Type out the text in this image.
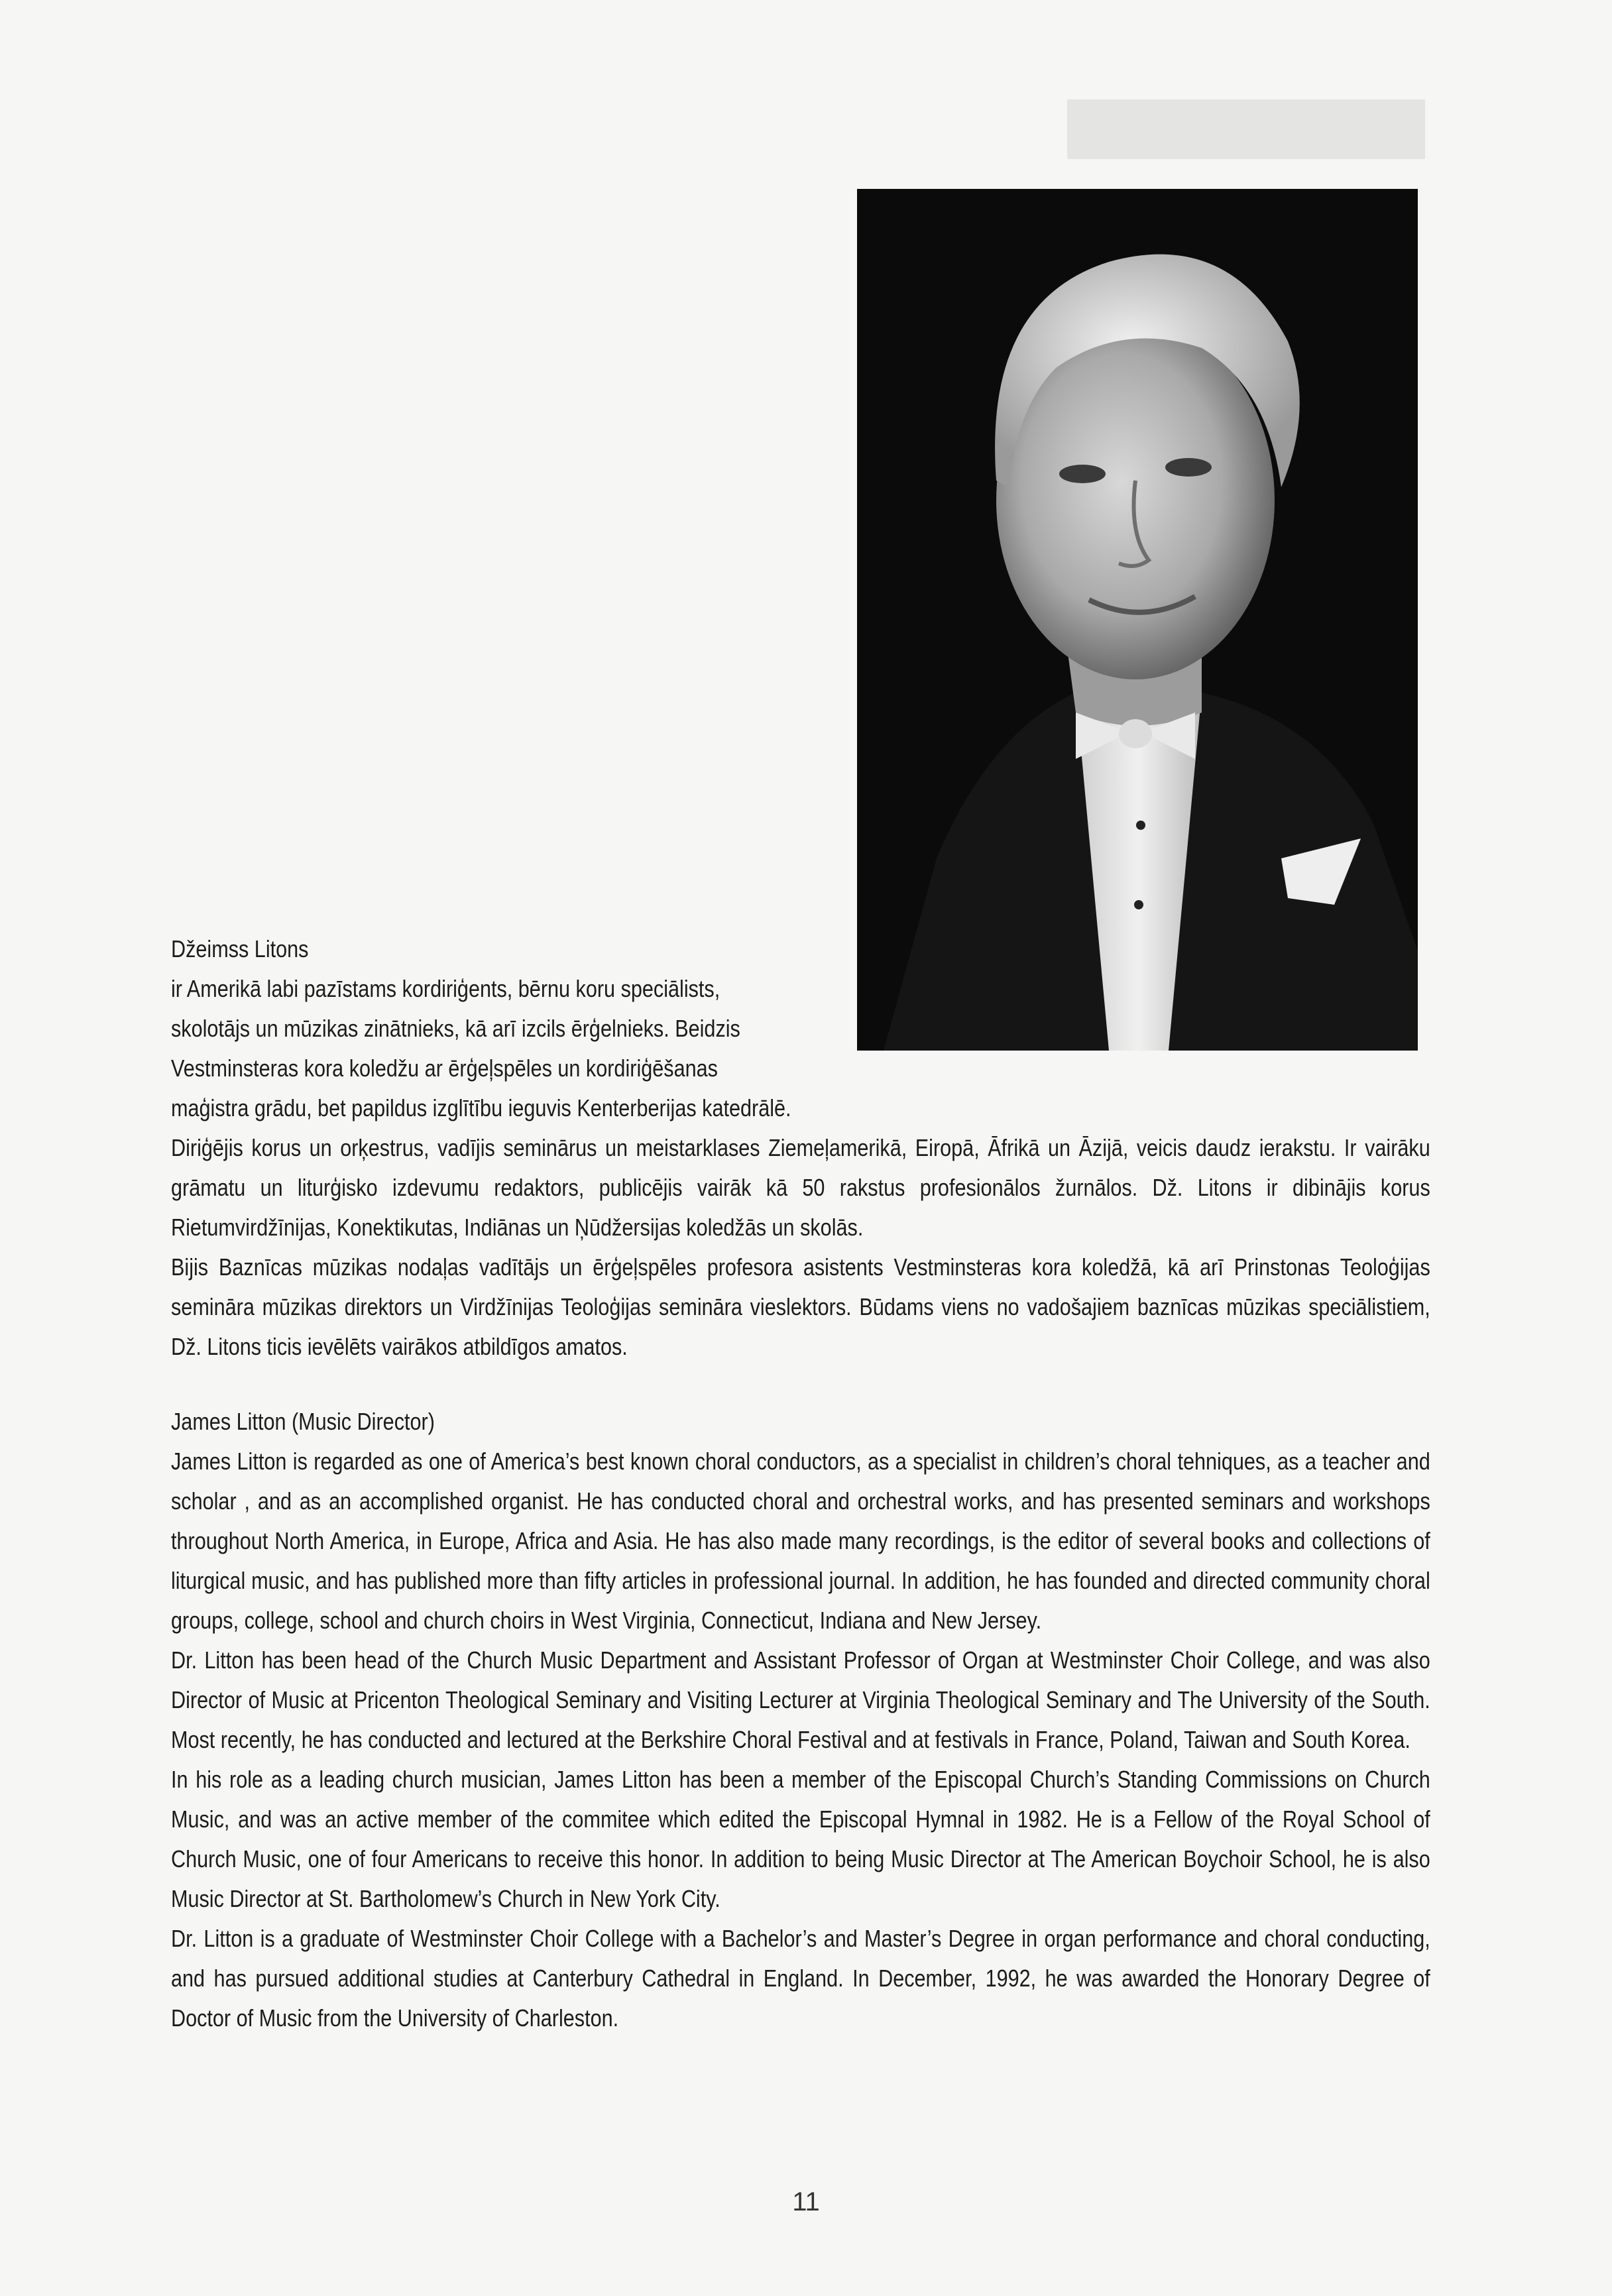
Džeimss Litons
ir Amerikā labi pazīstams kordiriģents, bērnu koru speciālists,
skolotājs un mūzikas zinātnieks, kā arī izcils ērģelnieks. Beidzis
Vestminsteras kora koledžu ar ērģeļspēles un kordiriģēšanas
maģistra grādu, bet papildus izglītību ieguvis Kenterberijas katedrālē.

Diriģējis korus un orķestrus, vadījis seminārus un meistarklases Ziemeļamerikā, Eiropā, Āfrikā un Āzijā, veicis daudz ierakstu. Ir vairāku grāmatu un liturģisko izdevumu redaktors, publicējis vairāk kā 50 rakstus profesionālos žurnālos. Dž. Litons ir dibinājis korus Rietumvirdžīnijas, Konektikutas, Indiānas un Ņūdžersijas koledžās un skolās.

Bijis Baznīcas mūzikas nodaļas vadītājs un ērģeļspēles profesora asistents Vestminsteras kora koledžā, kā arī Prinstonas Teoloģijas semināra mūzikas direktors un Virdžīnijas Teoloģijas semināra vieslektors. Būdams viens no vadošajiem baznīcas mūzikas speciālistiem, Dž. Litons ticis ievēlēts vairākos atbildīgos amatos.

James Litton (Music Director)

James Litton is regarded as one of America’s best known choral conductors, as a specialist in children’s choral tehniques, as a teacher and scholar , and as an accomplished organist. He has conducted choral and orchestral works, and has presented seminars and workshops throughout North America, in Europe, Africa and Asia. He has also made many recordings, is the editor of several books and collections of liturgical music, and has published more than fifty articles in professional journal. In addition, he has founded and directed community choral groups, college, school and church choirs in West Virginia, Connecticut, Indiana and New Jersey.

Dr. Litton has been head of the Church Music Department and Assistant Professor of Organ at Westminster Choir College, and was also Director of Music at Pricenton Theological Seminary and Visiting Lecturer at Virginia Theological Seminary and The University of the South. Most recently, he has conducted and lectured at the Berkshire Choral Festival and at festivals in France, Poland, Taiwan and South Korea.

In his role as a leading church musician, James Litton has been a member of the Episcopal Church’s Standing Commissions on Church Music, and was an active member of the commitee which edited the Episcopal Hymnal in 1982. He is a Fellow of the Royal School of Church Music, one of four Americans to receive this honor. In addition to being Music Director at The American Boychoir School, he is also Music Director at St. Bartholomew’s Church in New York City.

Dr. Litton is a graduate of Westminster Choir College with a Bachelor’s and Master’s Degree in organ performance and choral conducting, and has pursued additional studies at Canterbury Cathedral in England. In December, 1992, he was awarded the Honorary Degree of Doctor of Music from the University of Charleston.

11
